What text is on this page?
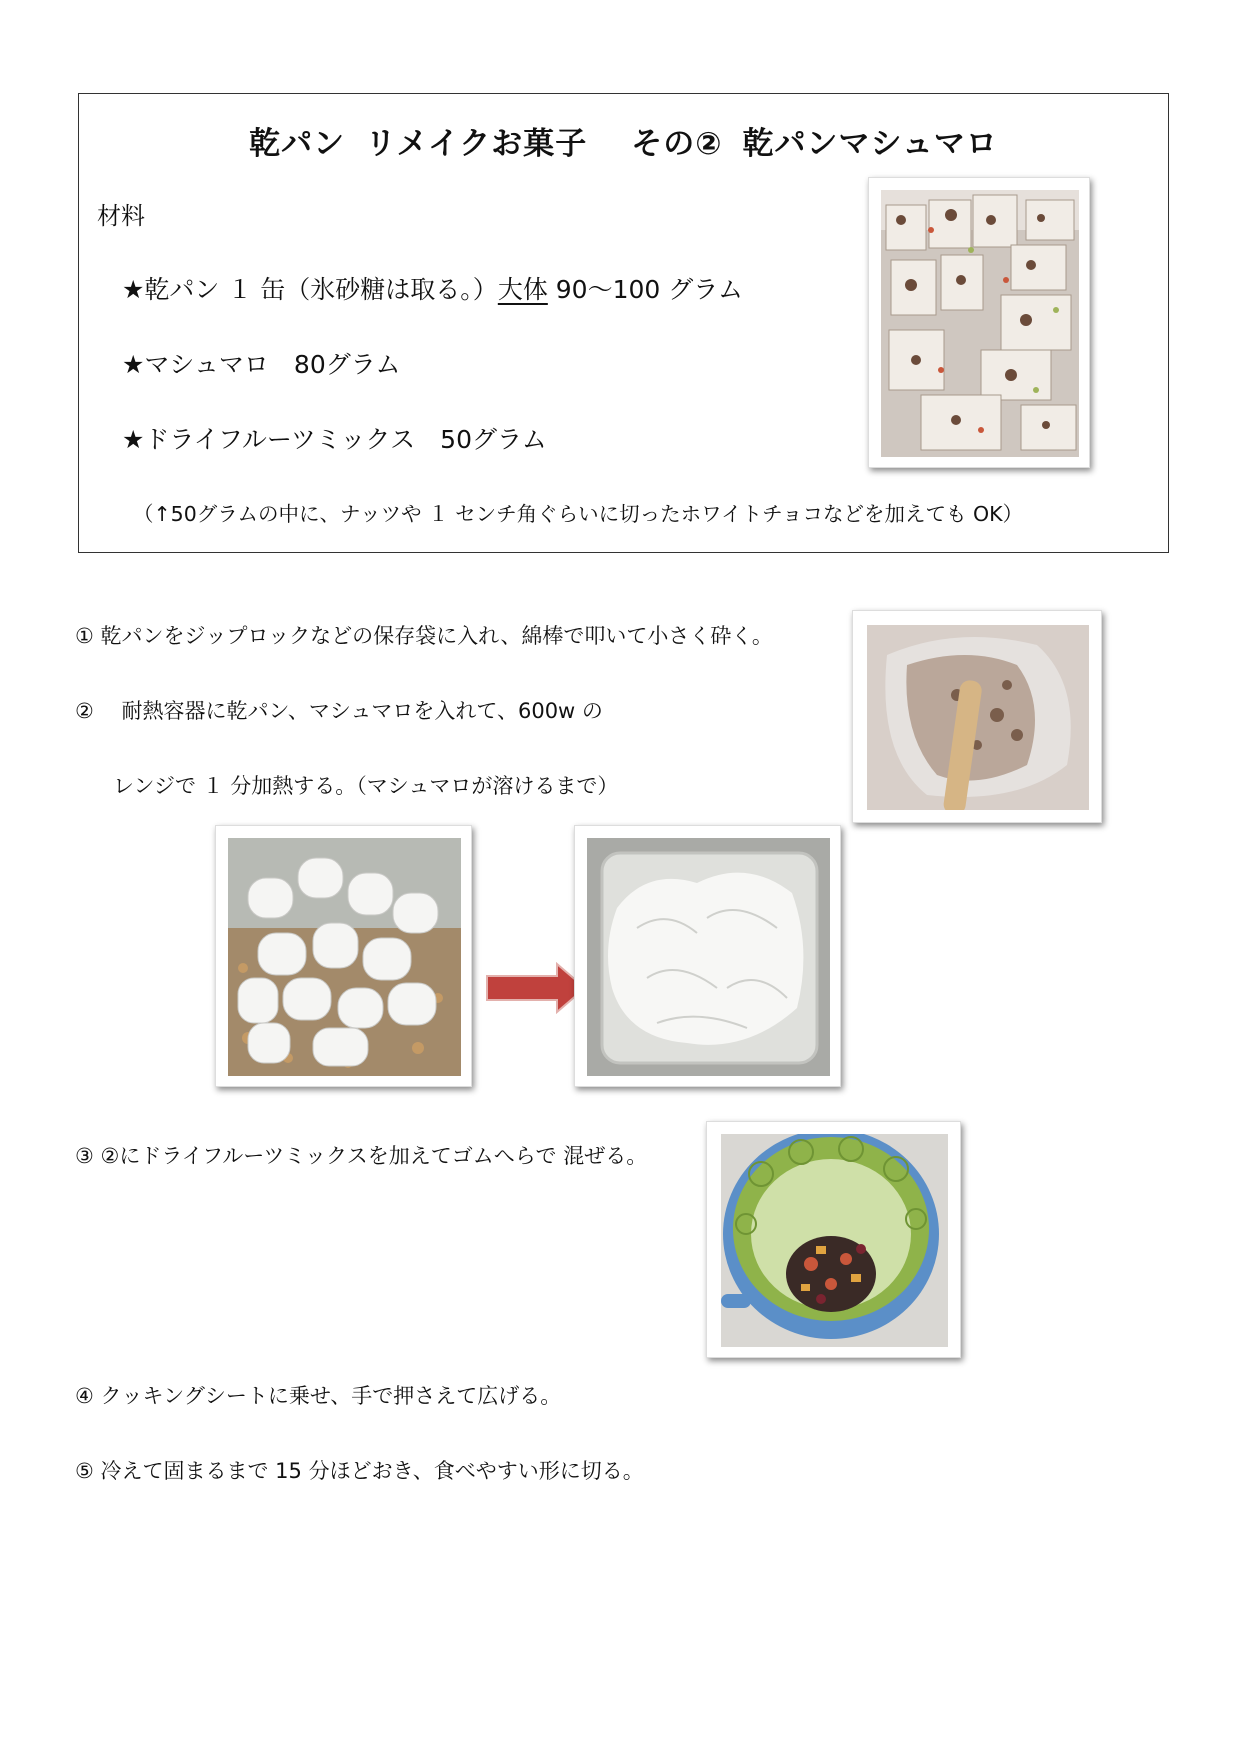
乾パン リメイクお菓子 その② 乾パンマシュマロ
材料
★乾パン １ 缶（氷砂糖は取る。）大体 90～100 グラム
★マシュマロ　80グラム
★ドライフルーツミックス　50グラム
（↑50グラムの中に、ナッツや １ センチ角ぐらいに切ったホワイトチョコなどを加えても OK）
① 乾パンをジップロックなどの保存袋に入れ、綿棒で叩いて小さく砕く。
②　 耐熱容器に乾パン、マシュマロを入れて、600w の
レンジで １ 分加熱する。（マシュマロが溶けるまで）
③ ②にドライフルーツミックスを加えてゴムへらで 混ぜる。
④ クッキングシートに乗せ、手で押さえて広げる。
⑤ 冷えて固まるまで 15 分ほどおき、食べやすい形に切る。
